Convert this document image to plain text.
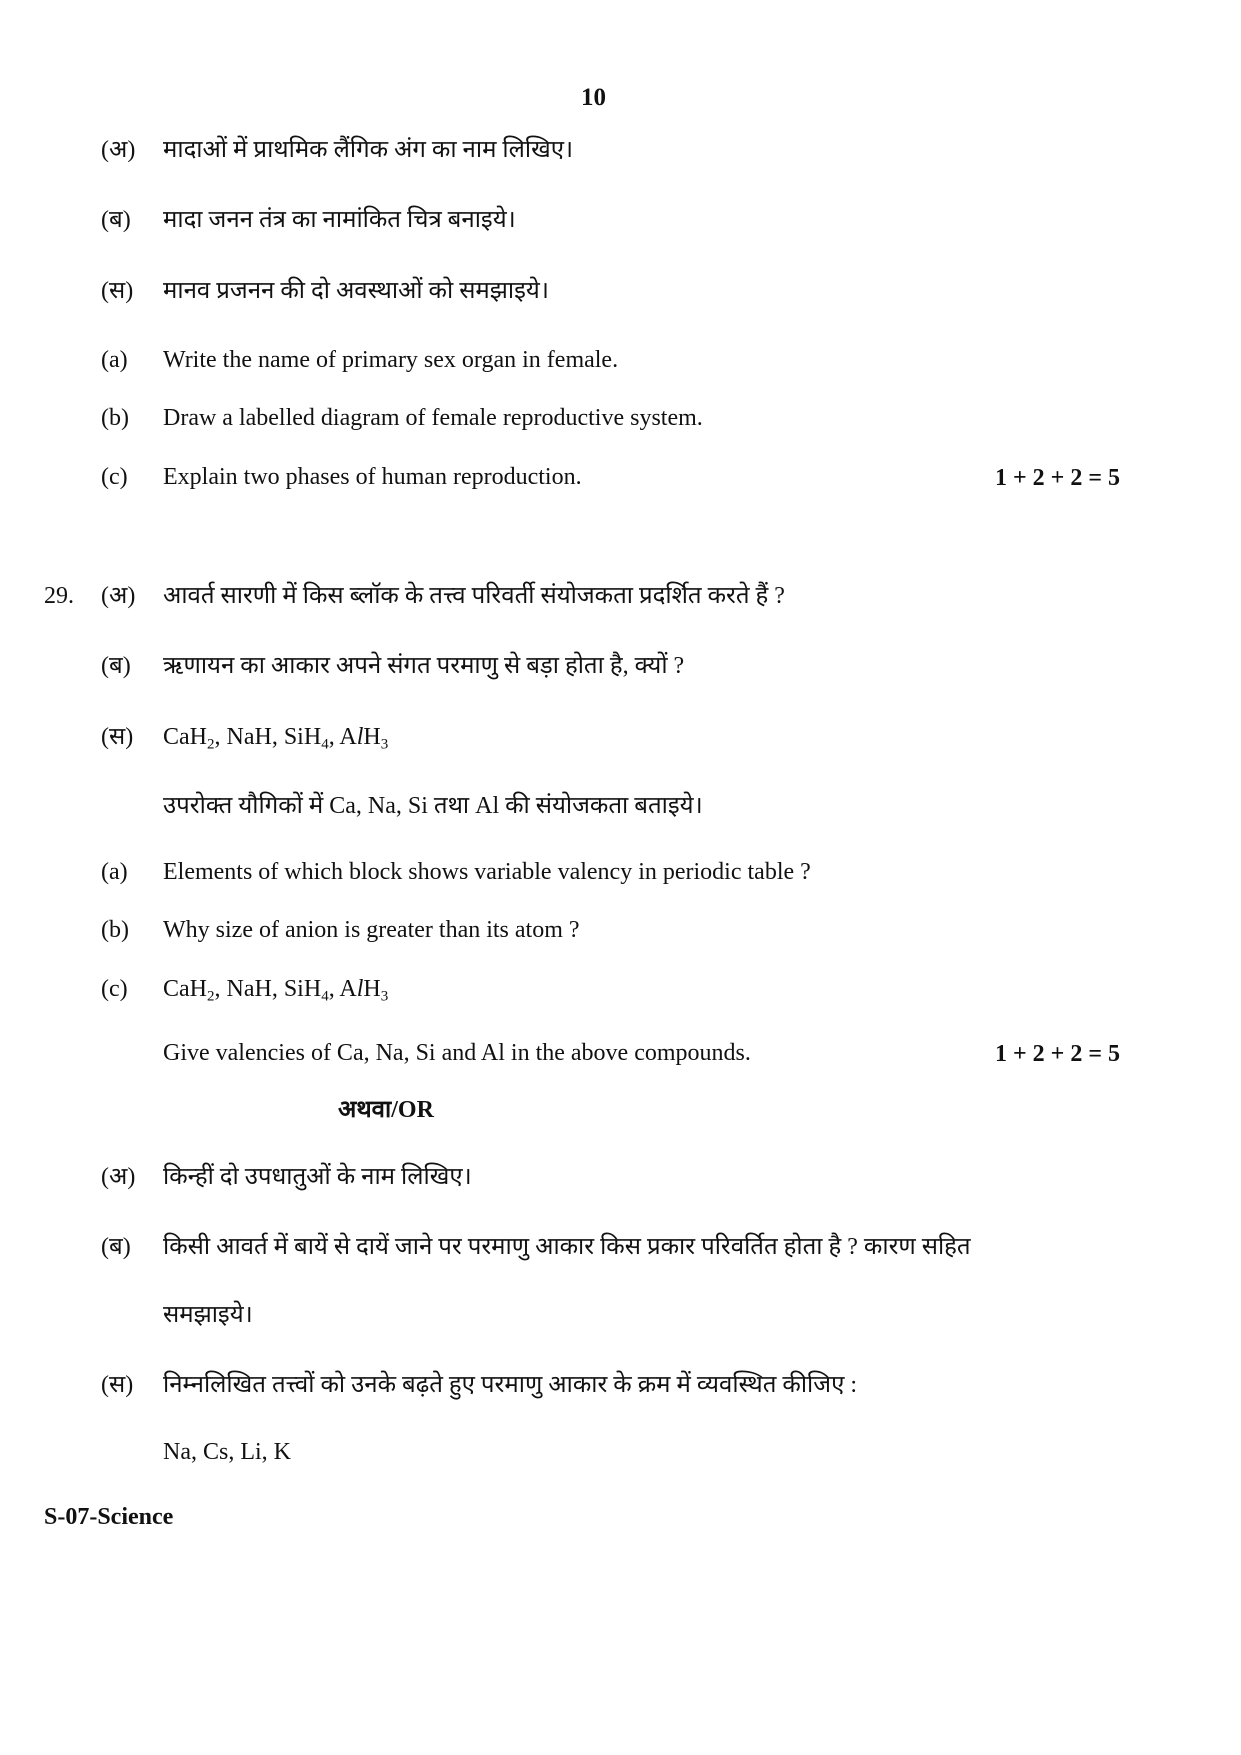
10
(अ) मादाओं में प्राथमिक लैंगिक अंग का नाम लिखिए।
(ब) मादा जनन तंत्र का नामांकित चित्र बनाइये।
(स) मानव प्रजनन की दो अवस्थाओं को समझाइये।
(a) Write the name of primary sex organ in female.
(b) Draw a labelled diagram of female reproductive system.
(c) Explain two phases of human reproduction.	1 + 2 + 2 = 5
29. (अ) आवर्त सारणी में किस ब्लॉक के तत्त्व परिवर्ती संयोजकता प्रदर्शित करते हैं ?
(ब) ऋणायन का आकार अपने संगत परमाणु से बड़ा होता है, क्यों ?
(स) CaH$_2$, NaH, SiH$_4$, AlH$_3$
उपरोक्त यौगिकों में Ca, Na, Si तथा Al की संयोजकता बताइये।
(a) Elements of which block shows variable valency in periodic table ?
(b) Why size of anion is greater than its atom ?
(c) CaH$_2$, NaH, SiH$_4$, AlH$_3$
Give valencies of Ca, Na, Si and Al in the above compounds.	1 + 2 + 2 = 5
अथवा/OR
(अ) किन्हीं दो उपधातुओं के नाम लिखिए।
(ब) किसी आवर्त में बायें से दायें जाने पर परमाणु आकार किस प्रकार परिवर्तित होता है ? कारण सहित
समझाइये।
(स) निम्नलिखित तत्त्वों को उनके बढ़ते हुए परमाणु आकार के क्रम में व्यवस्थित कीजिए :
Na, Cs, Li, K
S-07-Science
